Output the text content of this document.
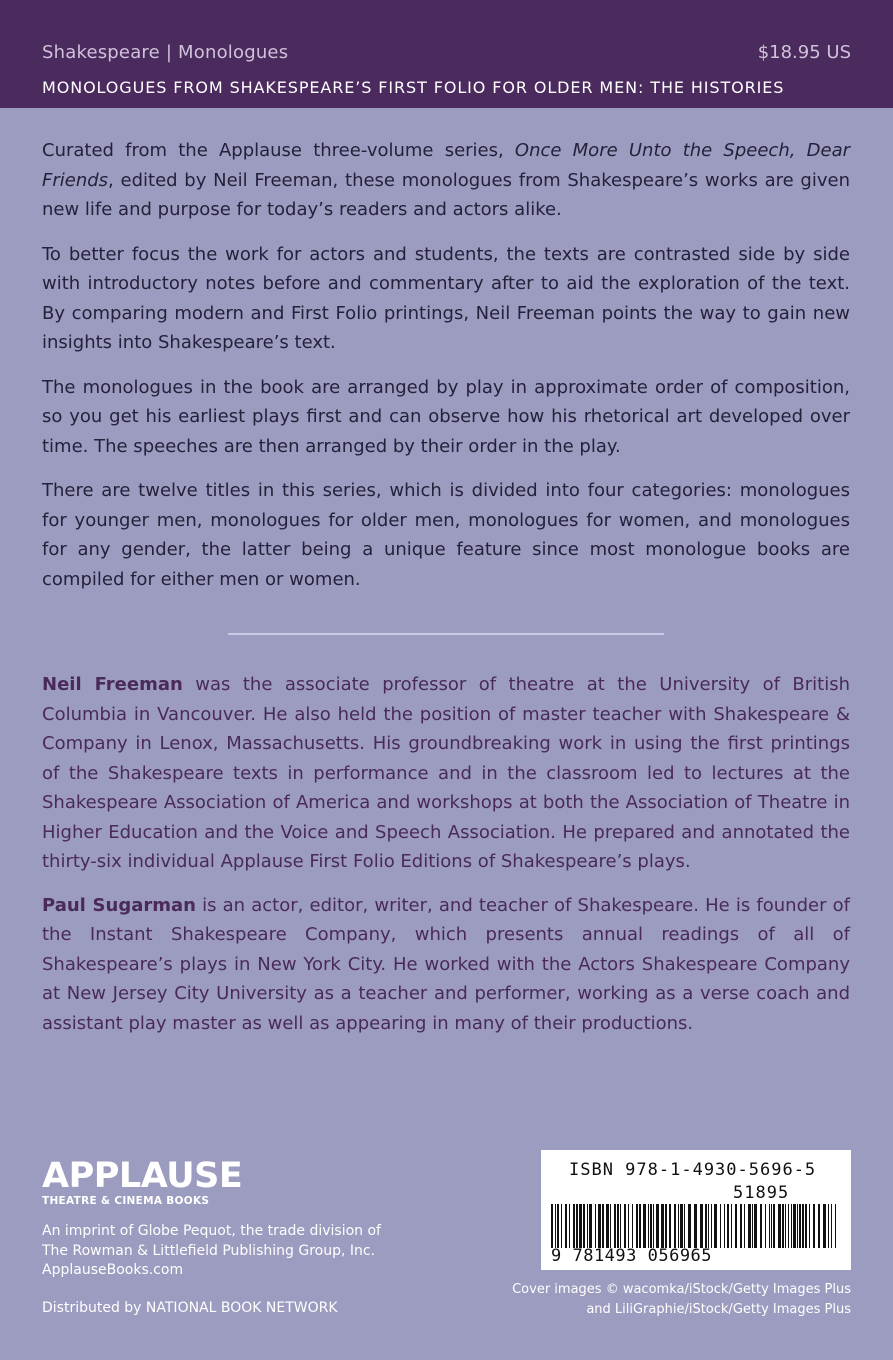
Shakespeare | Monologues	$18.95 US
MONOLOGUES FROM SHAKESPEARE’S FIRST FOLIO FOR OLDER MEN: THE HISTORIES

Curated from the Applause three-volume series, Once More Unto the Speech, Dear Friends, edited by Neil Freeman, these monologues from Shakespeare’s works are given new life and purpose for today’s readers and actors alike.

To better focus the work for actors and students, the texts are contrasted side by side with introductory notes before and commentary after to aid the exploration of the text. By comparing modern and First Folio printings, Neil Freeman points the way to gain new insights into Shakespeare’s text.

The monologues in the book are arranged by play in approximate order of composition, so you get his earliest plays first and can observe how his rhetorical art developed over time. The speeches are then arranged by their order in the play.

There are twelve titles in this series, which is divided into four categories: monologues for younger men, monologues for older men, monologues for women, and monologues for any gender, the latter being a unique feature since most monologue books are compiled for either men or women.

Neil Freeman was the associate professor of theatre at the University of British Columbia in Vancouver. He also held the position of master teacher with Shakespeare & Company in Lenox, Massachusetts. His groundbreaking work in using the first printings of the Shakespeare texts in performance and in the classroom led to lectures at the Shakespeare Association of America and workshops at both the Association of Theatre in Higher Education and the Voice and Speech Association. He prepared and annotated the thirty-six individual Applause First Folio Editions of Shakespeare’s plays.

Paul Sugarman is an actor, editor, writer, and teacher of Shakespeare. He is founder of the Instant Shakespeare Company, which presents annual readings of all of Shakespeare’s plays in New York City. He worked with the Actors Shakespeare Company at New Jersey City University as a teacher and performer, working as a verse coach and assistant play master as well as appearing in many of their productions.

APPLAUSE
THEATRE & CINEMA BOOKS
An imprint of Globe Pequot, the trade division of
The Rowman & Littlefield Publishing Group, Inc.
ApplauseBooks.com
Distributed by NATIONAL BOOK NETWORK
ISBN 978-1-4930-5696-5
51895
9 781493 056965
Cover images © wacomka/iStock/Getty Images Plus
and LiliGraphie/iStock/Getty Images Plus
